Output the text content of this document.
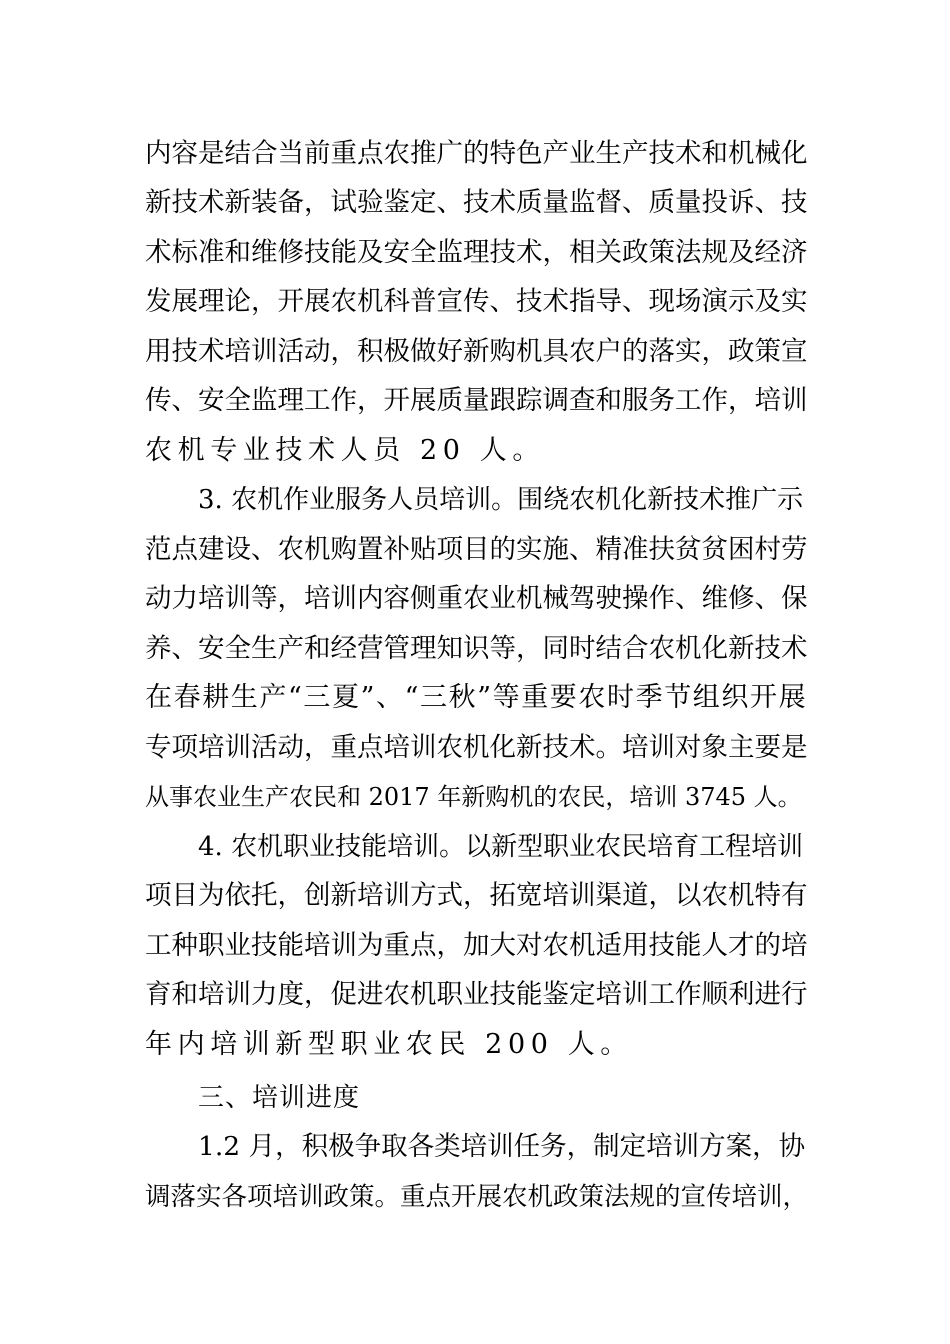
内容是结合当前重点农推广的特色产业生产技术和机械化
新技术新装备，试验鉴定、技术质量监督、质量投诉、技
术标准和维修技能及安全监理技术，相关政策法规及经济
发展理论，开展农机科普宣传、技术指导、现场演示及实
用技术培训活动，积极做好新购机具农户的落实，政策宣
传、安全监理工作，开展质量跟踪调查和服务工作，培训
农机专业技术人员 20 人。
3. 农机作业服务人员培训。围绕农机化新技术推广示
范点建设、农机购置补贴项目的实施、精准扶贫贫困村劳
动力培训等，培训内容侧重农业机械驾驶操作、维修、保
养、安全生产和经营管理知识等，同时结合农机化新技术
在春耕生产“三夏”、“三秋”等重要农时季节组织开展
专项培训活动，重点培训农机化新技术。培训对象主要是
从事农业生产农民和 2017 年新购机的农民，培训 3745 人。
4. 农机职业技能培训。以新型职业农民培育工程培训
项目为依托，创新培训方式，拓宽培训渠道，以农机特有
工种职业技能培训为重点，加大对农机适用技能人才的培
育和培训力度，促进农机职业技能鉴定培训工作顺利进行
年内培训新型职业农民 200 人。
三、培训进度
1.2 月，积极争取各类培训任务，制定培训方案，协
调落实各项培训政策。重点开展农机政策法规的宣传培训，
